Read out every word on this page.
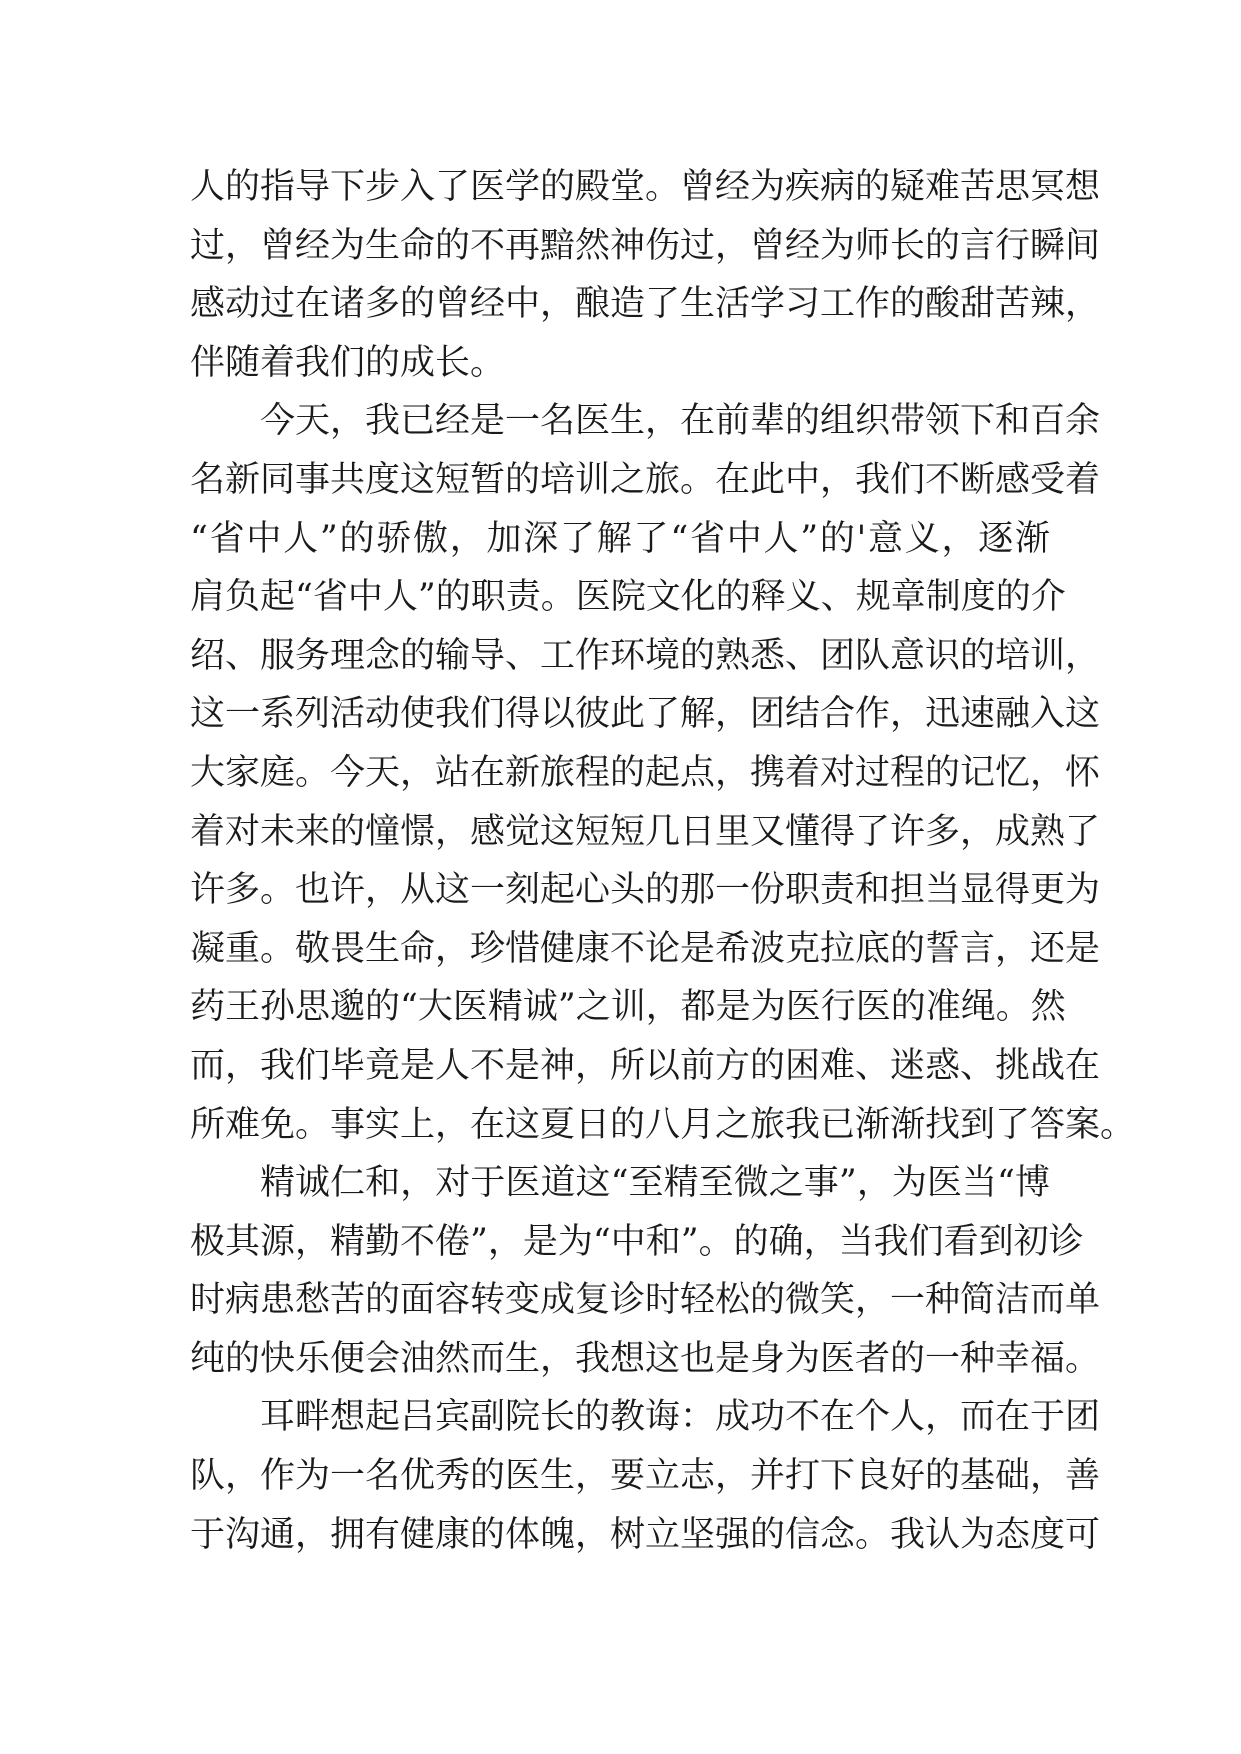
人的指导下步入了医学的殿堂。曾经为疾病的疑难苦思冥想
过，曾经为生命的不再黯然神伤过，曾经为师长的言行瞬间
感动过在诸多的曾经中，酿造了生活学习工作的酸甜苦辣，
伴随着我们的成长。
今天，我已经是一名医生，在前辈的组织带领下和百余
名新同事共度这短暂的培训之旅。在此中，我们不断感受着
“省中人”的骄傲，加深了解了“省中人”的'意义，逐渐
肩负起“省中人”的职责。医院文化的释义、规章制度的介
绍、服务理念的输导、工作环境的熟悉、团队意识的培训，
这一系列活动使我们得以彼此了解，团结合作，迅速融入这
大家庭。今天，站在新旅程的起点，携着对过程的记忆，怀
着对未来的憧憬，感觉这短短几日里又懂得了许多，成熟了
许多。也许，从这一刻起心头的那一份职责和担当显得更为
凝重。敬畏生命，珍惜健康不论是希波克拉底的誓言，还是
药王孙思邈的“大医精诚”之训，都是为医行医的准绳。然
而，我们毕竟是人不是神，所以前方的困难、迷惑、挑战在
所难免。事实上，在这夏日的八月之旅我已渐渐找到了答案。
精诚仁和，对于医道这“至精至微之事”，为医当“博
极其源，精勤不倦”，是为“中和”。的确，当我们看到初诊
时病患愁苦的面容转变成复诊时轻松的微笑，一种简洁而单
纯的快乐便会油然而生，我想这也是身为医者的一种幸福。
耳畔想起吕宾副院长的教诲：成功不在个人，而在于团
队，作为一名优秀的医生，要立志，并打下良好的基础，善
于沟通，拥有健康的体魄，树立坚强的信念。我认为态度可
